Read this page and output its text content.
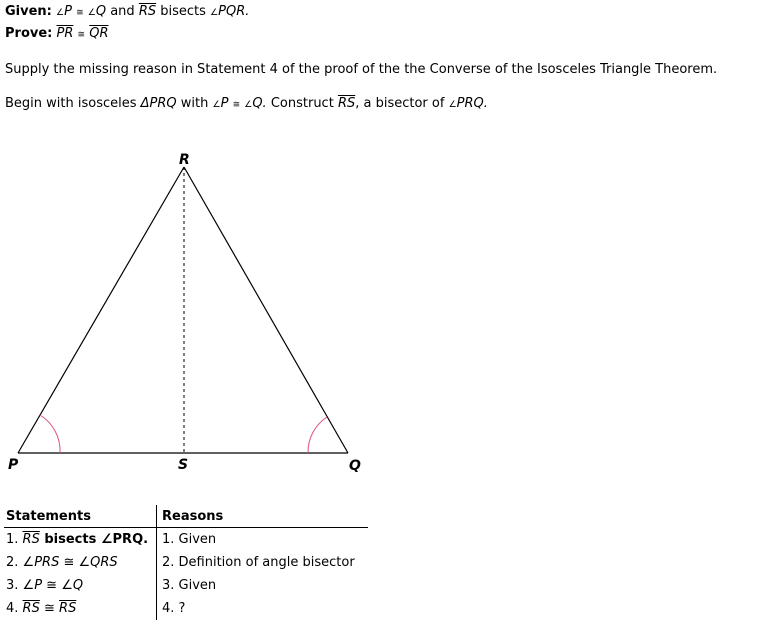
Given: ∠P ≅ ∠Q and $\overline{RS}$ bisects ∠PQR.
Prove: $\overline{PR}$ ≅ $\overline{QR}$
Supply the missing reason in Statement 4 of the proof of the the Converse of the Isosceles Triangle Theorem.
Begin with isosceles ΔPRQ with ∠P ≅ ∠Q. Construct $\overline{RS}$, a bisector of ∠PRQ.
R
P	S	Q
Statements	Reasons
1. $\overline{RS}$ bisects ∠PRQ.	1. Given
2. ∠PRS ≅ ∠QRS	2. Definition of angle bisector
3. ∠P ≅ ∠Q	3. Given
4. $\overline{RS}$ ≅ $\overline{RS}$	4. ?
